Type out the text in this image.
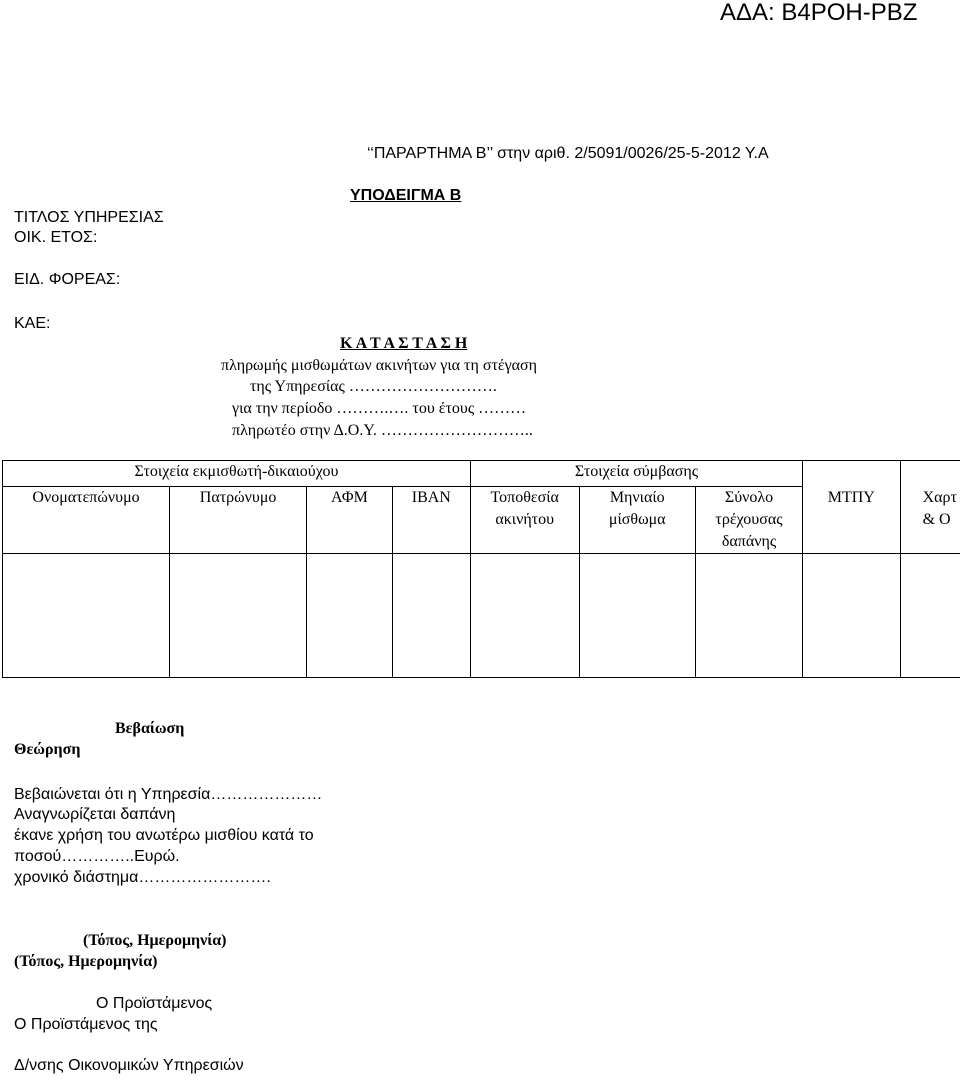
ΑΔΑ: Β4ΡΟΗ-ΡΒΖ
‘‘ΠΑΡΑΡΤΗΜΑ Β’’ στην αριθ. 2/5091/0026/25-5-2012 Υ.Α
ΥΠΟΔΕΙΓΜΑ Β
ΤΙΤΛΟΣ ΥΠΗΡΕΣΙΑΣ
ΟΙΚ. ΕΤΟΣ:
ΕΙΔ. ΦΟΡΕΑΣ:
ΚΑΕ:
Κ Α Τ Α Σ Τ Α Σ Η
πληρωμής μισθωμάτων ακινήτων για τη στέγαση
της Υπηρεσίας ……………………….
για την περίοδο ……….…. του έτους ………
πληρωτέο στην Δ.Ο.Υ. ………………………..
Στοιχεία εκμισθωτή-δικαιούχου				Στοιχεία σύμβασης				

Ονοματεπώνυμο	Πατρώνυμο	ΑΦΜ	ΙΒΑΝ	Τοποθεσία ακινήτου	Μηνιαίο μίσθωμα	Σύνολο τρέχουσας δαπάνης	ΜΤΠΥ	Χαρτ & Ο

Βεβαίωση
Θεώρηση
Βεβαιώνεται ότι η Υπηρεσία…………………
Αναγνωρίζεται δαπάνη
έκανε χρήση του ανωτέρω μισθίου κατά το
ποσού…………..Ευρώ.
χρονικό διάστημα…………………….
(Τόπος, Ημερομηνία)
(Τόπος, Ημερομηνία)
Ο Προϊστάμενος
Ο Προϊστάμενος της
Δ/νσης Οικονομικών Υπηρεσιών
